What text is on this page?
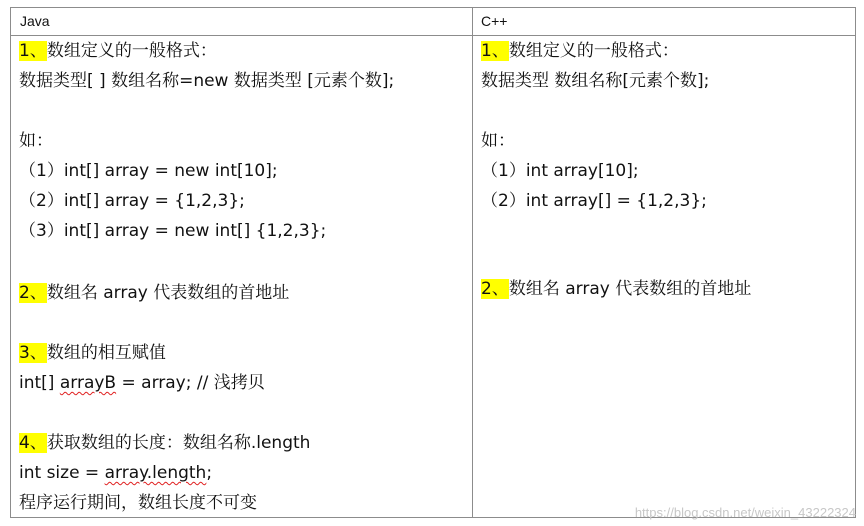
Java	C++
1、数组定义的一般格式：
数据类型[ ] 数组名称=new 数据类型 [元素个数];
如：
（1）int[] array = new int[10];
（2）int[] array = {1,2,3};
（3）int[] array = new int[] {1,2,3};
2、数组名 array 代表数组的首地址
3、数组的相互赋值
int[] arrayB = array; // 浅拷贝
4、获取数组的长度：数组名称.length
int size = array.length;
程序运行期间，数组长度不可变
1、数组定义的一般格式：
数据类型 数组名称[元素个数];
如：
（1）int array[10];
（2）int array[] = {1,2,3};
2、数组名 array 代表数组的首地址
https://blog.csdn.net/weixin_43222324
